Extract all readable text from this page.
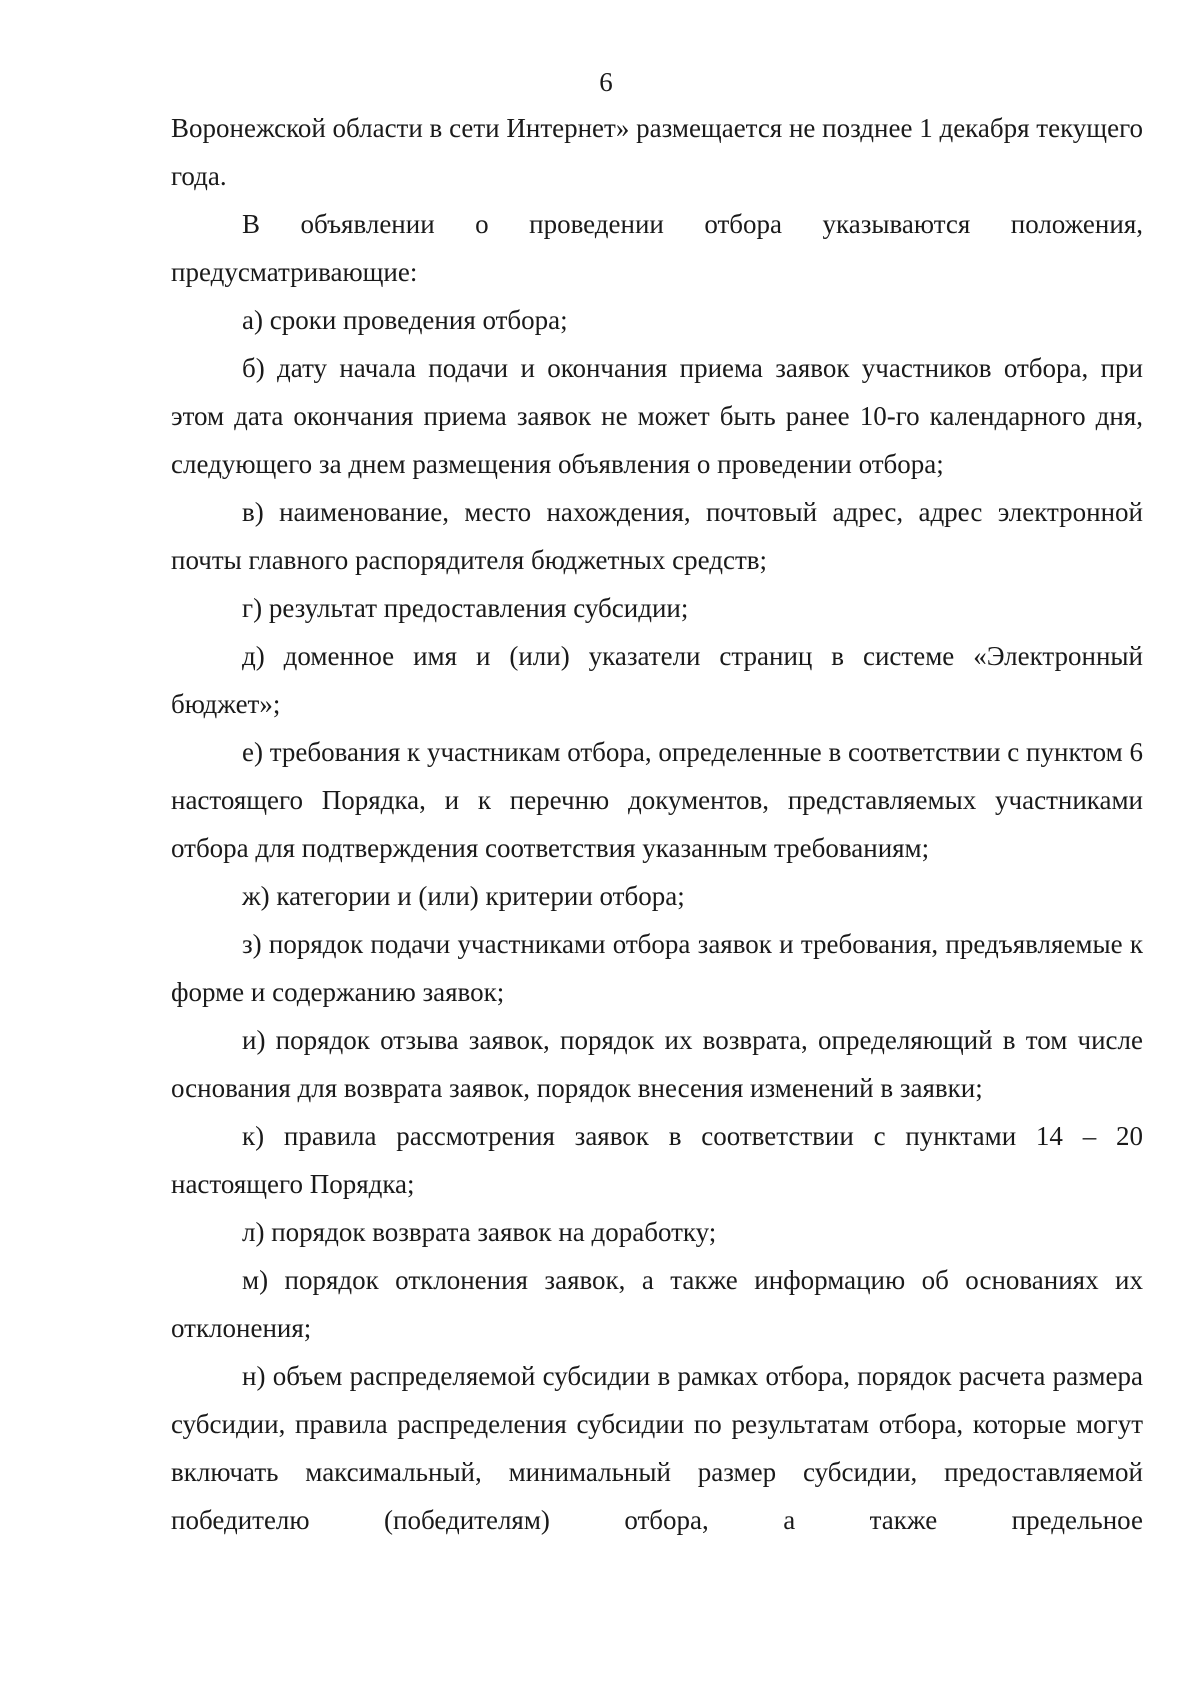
6

Воронежской области в сети Интернет» размещается не позднее 1 декабря текущего года.

В объявлении о проведении отбора указываются положения, предусматривающие:

а) сроки проведения отбора;

б) дату начала подачи и окончания приема заявок участников отбора, при этом дата окончания приема заявок не может быть ранее 10-го календарного дня, следующего за днем размещения объявления о проведении отбора;

в) наименование, место нахождения, почтовый адрес, адрес электронной почты главного распорядителя бюджетных средств;

г) результат предоставления субсидии;

д) доменное имя и (или) указатели страниц в системе «Электронный бюджет»;

е) требования к участникам отбора, определенные в соответствии с пунктом 6 настоящего Порядка, и к перечню документов, представляемых участниками отбора для подтверждения соответствия указанным требованиям;

ж) категории и (или) критерии отбора;

з) порядок подачи участниками отбора заявок и требования, предъявляемые к форме и содержанию заявок;

и) порядок отзыва заявок, порядок их возврата, определяющий в том числе основания для возврата заявок, порядок внесения изменений в заявки;

к) правила рассмотрения заявок в соответствии с пунктами 14 – 20 настоящего Порядка;

л) порядок возврата заявок на доработку;

м) порядок отклонения заявок, а также информацию об основаниях их отклонения;

н) объем распределяемой субсидии в рамках отбора, порядок расчета размера субсидии, правила распределения субсидии по результатам отбора, которые могут включать максимальный, минимальный размер субсидии, предоставляемой победителю (победителям) отбора, а также предельное
